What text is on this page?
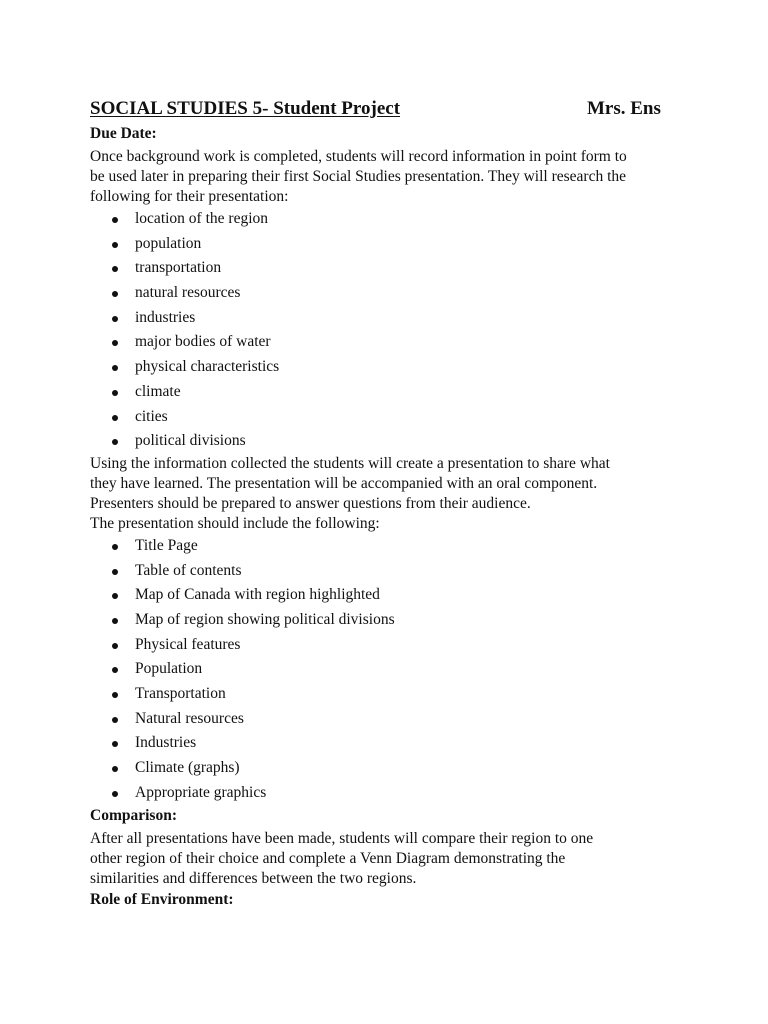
SOCIAL STUDIES 5- Student Project	Mrs. Ens

Due Date:

Once background work is completed, students will record information in point form to
be used later in preparing their first Social Studies presentation. They will research the
following for their presentation:
location of the region
population
transportation
natural resources
industries
major bodies of water
physical characteristics
climate
cities
political divisions
Using the information collected the students will create a presentation to share what
they have learned. The presentation will be accompanied with an oral component.
Presenters should be prepared to answer questions from their audience.
The presentation should include the following:
Title Page
Table of contents
Map of Canada with region highlighted
Map of region showing political divisions
Physical features
Population
Transportation
Natural resources
Industries
Climate (graphs)
Appropriate graphics

Comparison:

After all presentations have been made, students will compare their region to one
other region of their choice and complete a Venn Diagram demonstrating the
similarities and differences between the two regions.

Role of Environment:
